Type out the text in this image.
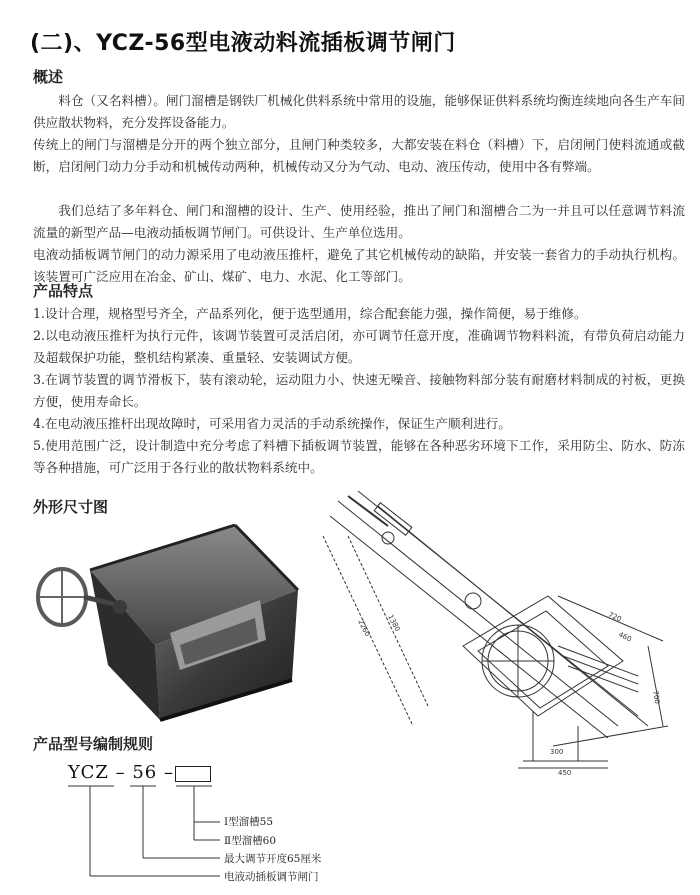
(二)、YCZ-56型电液动料流插板调节闸门
概述

料仓（又名料槽）。闸门溜槽是钢铁厂机械化供料系统中常用的设施，能够保证供料系统均衡连续地向各生产车间供应散状物料，充分发挥设备能力。

传统上的闸门与溜槽是分开的两个独立部分，且闸门种类较多，大都安装在料仓（料槽）下，启闭闸门使料流通或截断，启闭闸门动力分手动和机械传动两种，机械传动又分为气动、电动、液压传动，使用中各有弊端。

我们总结了多年料仓、闸门和溜槽的设计、生产、使用经验，推出了闸门和溜槽合二为一并且可以任意调节料流流量的新型产品—电液动插板调节闸门。可供设计、生产单位选用。

电液动插板调节闸门的动力源采用了电动液压推杆，避免了其它机械传动的缺陷，并安装一套省力的手动执行机构。该装置可广泛应用在冶金、矿山、煤矿、电力、水泥、化工等部门。

产品特点

1.设计合理，规格型号齐全，产品系列化，便于选型通用，综合配套能力强，操作简便，易于维修。

2.以电动液压推杆为执行元件，该调节装置可灵活启闭，亦可调节任意开度，准确调节物料料流，有带负荷启动能力及超载保护功能，整机结构紧凑、重量轻、安装调试方便。

3.在调节装置的调节滑板下，装有滚动轮，运动阻力小、快速无噪音、接触物料部分装有耐磨材料制成的衬板，更换方便，使用寿命长。

4.在电动液压推杆出现故障时，可采用省力灵活的手动系统操作，保证生产顺利进行。

5.使用范围广泛，设计制造中充分考虑了料槽下插板调节装置，能够在各种恶劣环境下工作，采用防尘、防水、防冻等各种措施，可广泛用于各行业的散状物料系统中。

外形尺寸图
2260 1380	720
460
700
300
450
产品型号编制规则
YCZ – 56 –
Ⅰ型溜槽55
Ⅱ型溜槽60
最大调节开度65厘米
电液动插板调节闸门
